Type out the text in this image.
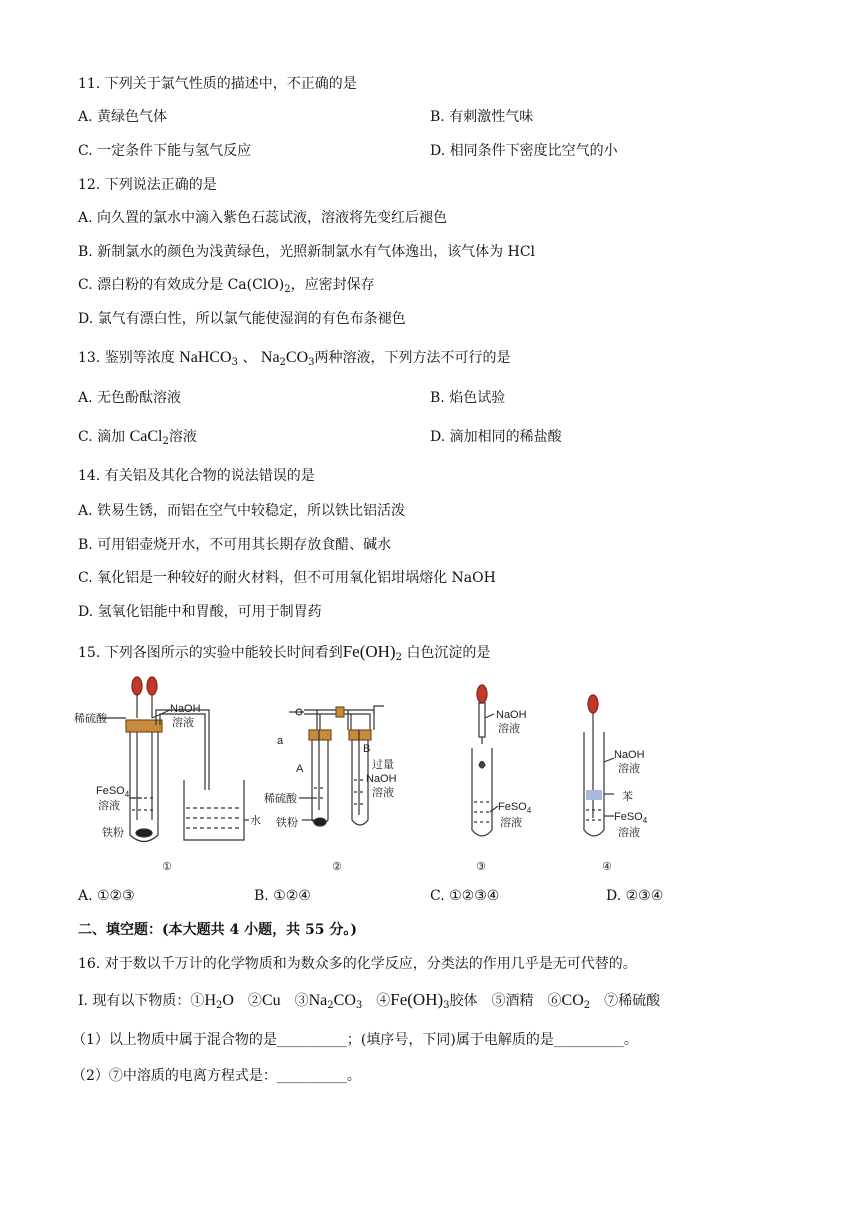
11. 下列关于氯气性质的描述中，不正确的是
A. 黄绿色气体	B. 有刺激性气味
C. 一定条件下能与氢气反应	D. 相同条件下密度比空气的小
12. 下列说法正确的是
A. 向久置的氯水中滴入紫色石蕊试液，溶液将先变红后褪色
B. 新制氯水的颜色为浅黄绿色，光照新制氯水有气体逸出，该气体为 HCl
C. 漂白粉的有效成分是 $Ca(ClO)_2$，应密封保存
D. 氯气有漂白性，所以氯气能使湿润的有色布条褪色
13. 鉴别等浓度 NaHCO$_3$ 、 $Na_2CO_3$两种溶液，下列方法不可行的是
A. 无色酚酞溶液	B. 焰色试验
C. 滴加 CaCl$_2$溶液	D. 滴加相同的稀盐酸
14. 有关铝及其化合物的说法错误的是
A. 铁易生锈，而铝在空气中较稳定，所以铁比铝活泼
B. 可用铝壶烧开水，不可用其长期存放食醋、碱水
C. 氧化铝是一种较好的耐火材料，但不可用氧化铝坩埚熔化 NaOH
D. 氢氧化铝能中和胃酸，可用于制胃药
15. 下列各图所示的实验中能较长时间看到$Fe(OH)_2$ 白色沉淀的是
稀硫酸
NaOH
溶液
FeSO$_4$
溶液
铁粉
水
①
a
A
B
过量
NaOH
溶液
稀硫酸
铁粉
②
NaOH
溶液
FeSO$_4$
溶液
③
NaOH
溶液
苯
FeSO$_4$
溶液
④
A. ①②③	B. ①②④	C. ①②③④	D. ②③④
二、填空题：(本大题共 4 小题，共 55 分。)
16. 对于数以千万计的化学物质和为数众多的化学反应，分类法的作用几乎是无可代替的。
I. 现有以下物质：$①H_2O$　②Cu　$③Na_2CO_3$　$④Fe(OH)_3$胶体　⑤酒精　$⑥CO_2$　⑦稀硫酸
（1）以上物质中属于混合物的是__________；(填序号，下同)属于电解质的是__________。
（2）⑦中溶质的电离方程式是：__________。
